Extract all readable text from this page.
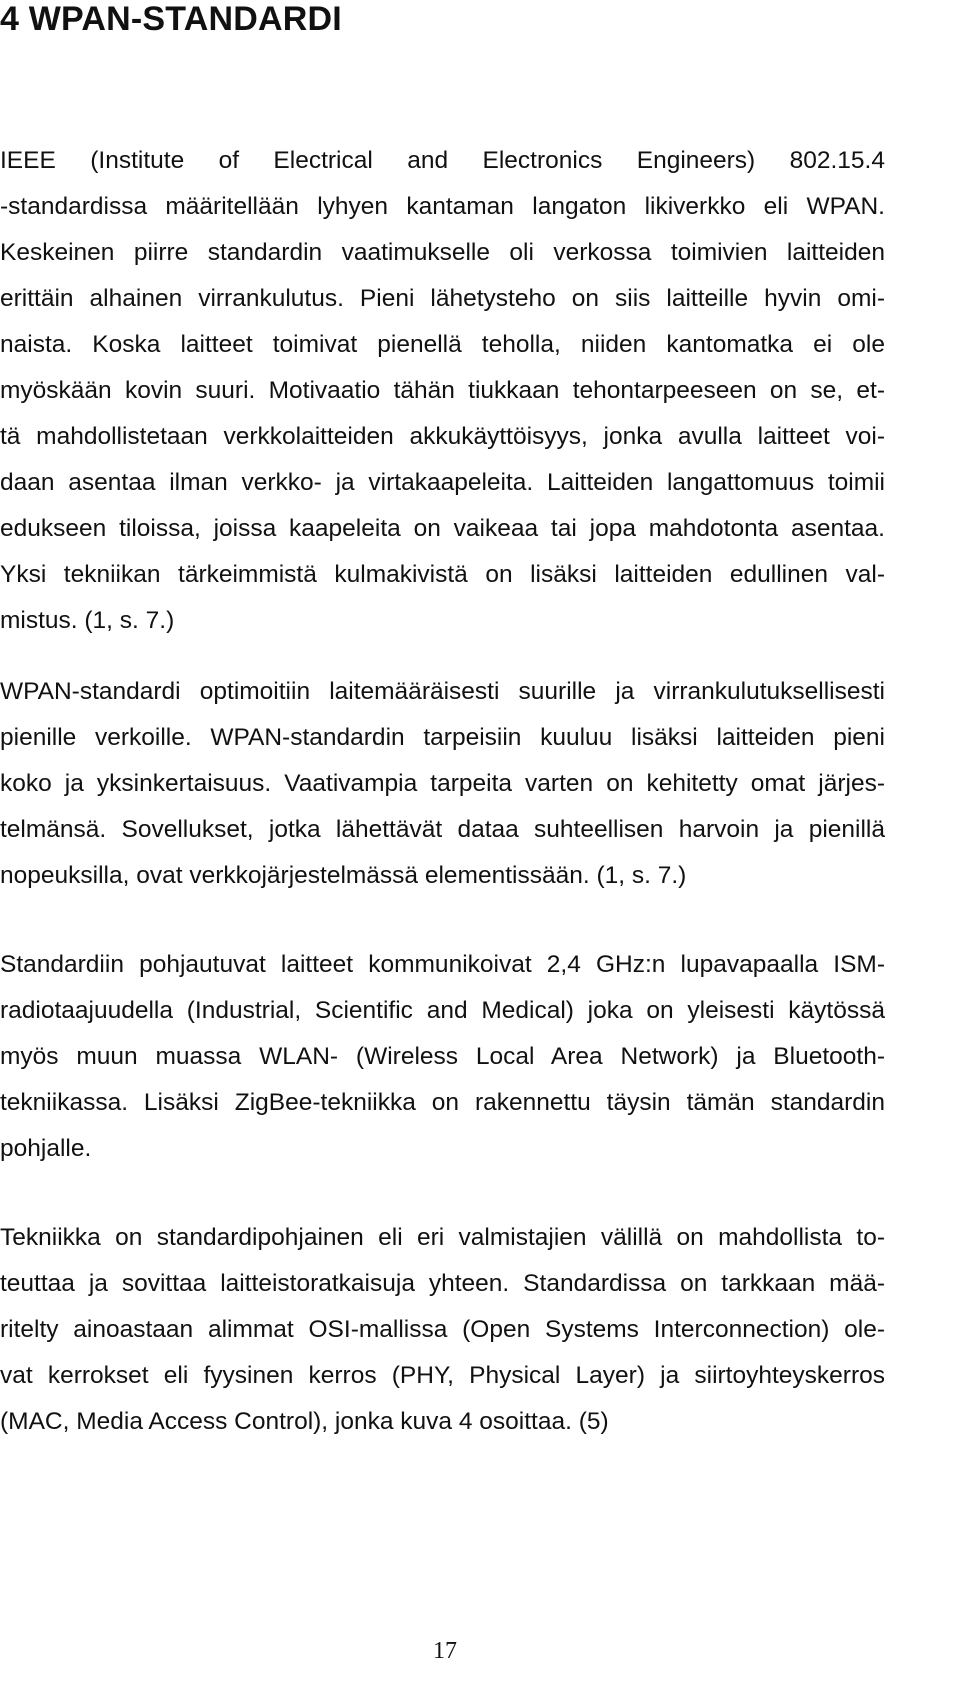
4 WPAN-STANDARDI
IEEE (Institute of Electrical and Electronics Engineers) 802.15.4
-standardissa määritellään lyhyen kantaman langaton likiverkko eli WPAN.
Keskeinen piirre standardin vaatimukselle oli verkossa toimivien laitteiden
erittäin alhainen virrankulutus. Pieni lähetysteho on siis laitteille hyvin omi-
naista. Koska laitteet toimivat pienellä teholla, niiden kantomatka ei ole
myöskään kovin suuri. Motivaatio tähän tiukkaan tehontarpeeseen on se, et-
tä mahdollistetaan verkkolaitteiden akkukäyttöisyys, jonka avulla laitteet voi-
daan asentaa ilman verkko- ja virtakaapeleita. Laitteiden langattomuus toimii
edukseen tiloissa, joissa kaapeleita on vaikeaa tai jopa mahdotonta asentaa.
Yksi tekniikan tärkeimmistä kulmakivistä on lisäksi laitteiden edullinen val-
mistus. (1, s. 7.)
WPAN-standardi optimoitiin laitemääräisesti suurille ja virrankulutuksellisesti
pienille verkoille. WPAN-standardin tarpeisiin kuuluu lisäksi laitteiden pieni
koko ja yksinkertaisuus. Vaativampia tarpeita varten on kehitetty omat järjes-
telmänsä. Sovellukset, jotka lähettävät dataa suhteellisen harvoin ja pienillä
nopeuksilla, ovat verkkojärjestelmässä elementissään. (1, s. 7.)
Standardiin pohjautuvat laitteet kommunikoivat 2,4 GHz:n lupavapaalla ISM-
radiotaajuudella (Industrial, Scientific and Medical) joka on yleisesti käytössä
myös muun muassa WLAN- (Wireless Local Area Network) ja Bluetooth-
tekniikassa. Lisäksi ZigBee-tekniikka on rakennettu täysin tämän standardin
pohjalle.
Tekniikka on standardipohjainen eli eri valmistajien välillä on mahdollista to-
teuttaa ja sovittaa laitteistoratkaisuja yhteen. Standardissa on tarkkaan mää-
ritelty ainoastaan alimmat OSI-mallissa (Open Systems Interconnection) ole-
vat kerrokset eli fyysinen kerros (PHY, Physical Layer) ja siirtoyhteyskerros
(MAC, Media Access Control), jonka kuva 4 osoittaa. (5)
17
